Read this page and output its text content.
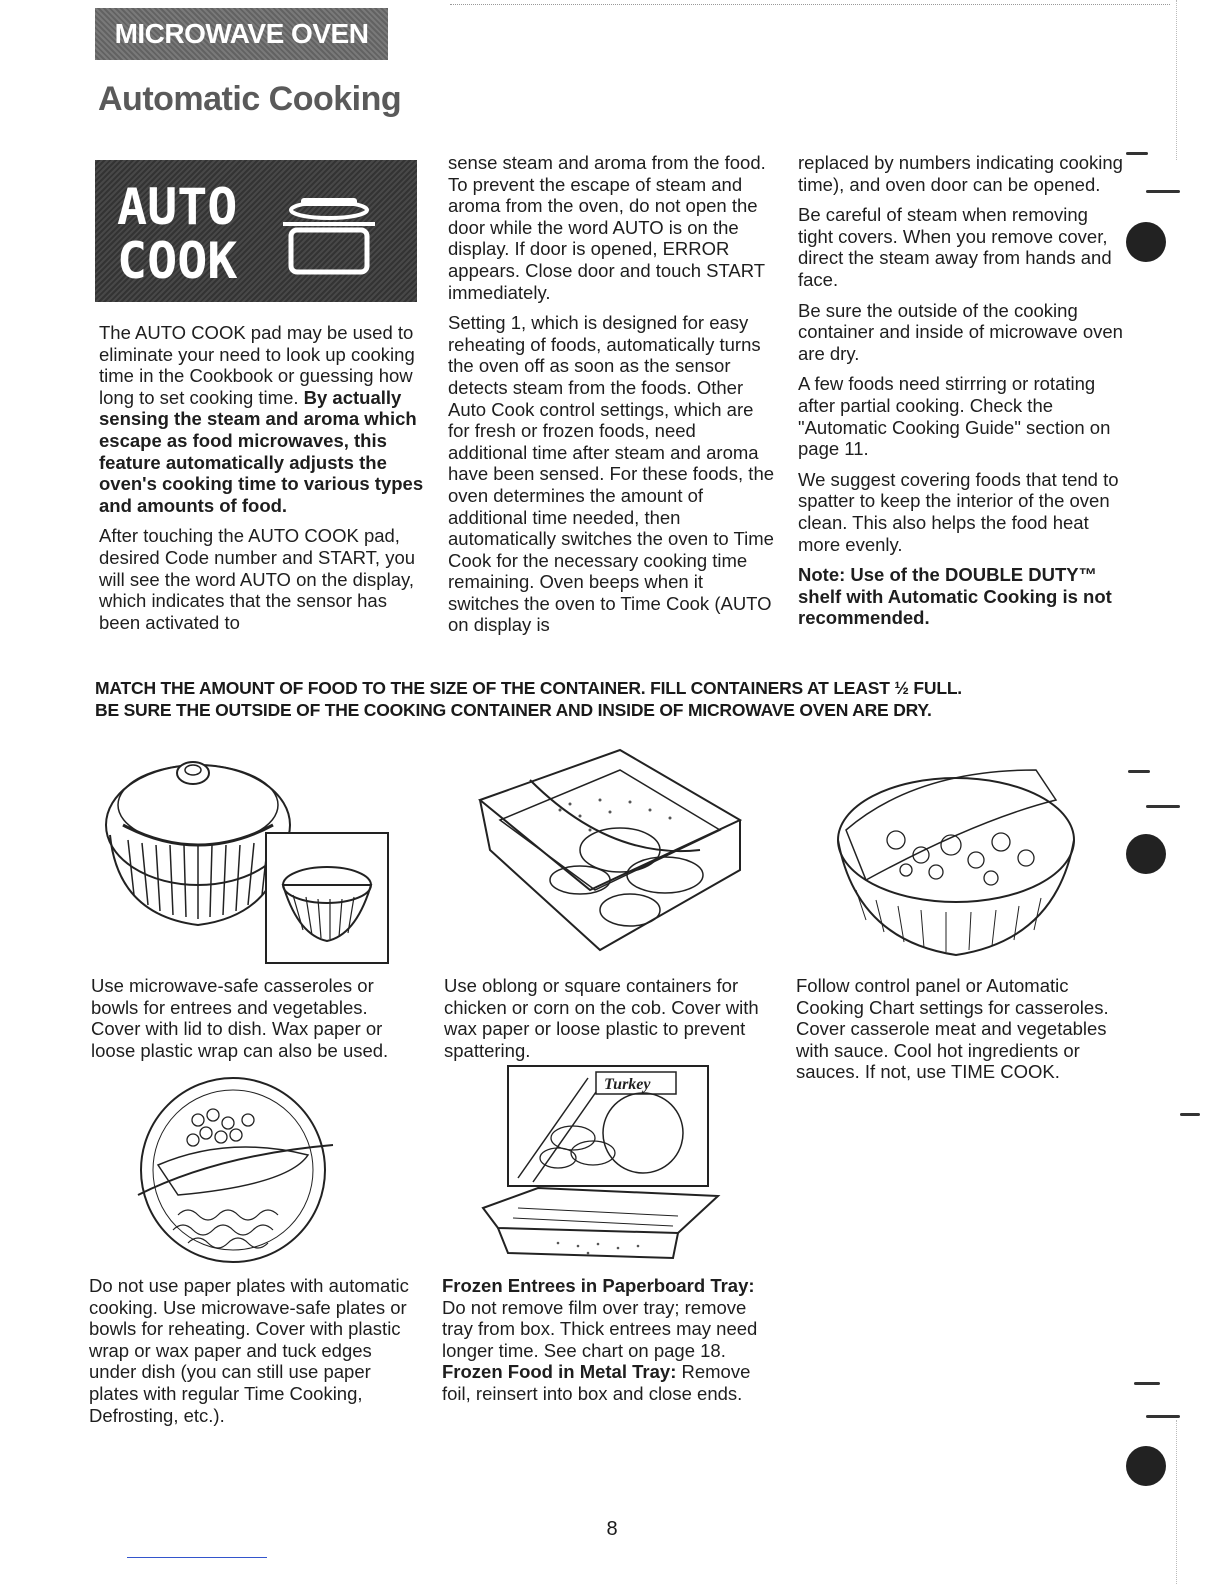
MICROWAVE OVEN
Automatic Cooking
AUTO
COOK

The AUTO COOK pad may be used to eliminate your need to look up cooking time in the Cookbook or guessing how long to set cooking time. By actually sensing the steam and aroma which escape as food microwaves, this feature automatically adjusts the oven's cooking time to various types and amounts of food.

After touching the AUTO COOK pad, desired Code number and START, you will see the word AUTO on the display, which indicates that the sensor has been activated to

sense steam and aroma from the food. To prevent the escape of steam and aroma from the oven, do not open the door while the word AUTO is on the display. If door is opened, ERROR appears. Close door and touch START immediately.

Setting 1, which is designed for easy reheating of foods, automatically turns the oven off as soon as the sensor detects steam from the foods. Other Auto Cook control settings, which are for fresh or frozen foods, need additional time after steam and aroma have been sensed. For these foods, the oven determines the amount of additional time needed, then automatically switches the oven to Time Cook for the necessary cooking time remaining. Oven beeps when it switches the oven to Time Cook (AUTO on display is

replaced by numbers indicating cooking time), and oven door can be opened.

Be careful of steam when removing tight covers. When you remove cover, direct the steam away from hands and face.

Be sure the outside of the cooking container and inside of microwave oven are dry.

A few foods need stirrring or rotating after partial cooking. Check the "Automatic Cooking Guide" section on page 11.

We suggest covering foods that tend to spatter to keep the interior of the oven clean. This also helps the food heat more evenly.

Note: Use of the DOUBLE DUTY™ shelf with Automatic Cooking is not recommended.

MATCH THE AMOUNT OF FOOD TO THE SIZE OF THE CONTAINER. FILL CONTAINERS AT LEAST ½ FULL.
BE SURE THE OUTSIDE OF THE COOKING CONTAINER AND INSIDE OF MICROWAVE OVEN ARE DRY.
Use microwave-safe casseroles or bowls for entrees and vegetables. Cover with lid to dish. Wax paper or loose plastic wrap can also be used.
Use oblong or square containers for chicken or corn on the cob. Cover with wax paper or loose plastic to prevent spattering.
Follow control panel or Automatic Cooking Chart settings for casseroles. Cover casserole meat and vegetables with sauce. Cool hot ingredients or sauces. If not, use TIME COOK.
Turkey
Do not use paper plates with automatic cooking. Use microwave-safe plates or bowls for reheating. Cover with plastic wrap or wax paper and tuck edges under dish (you can still use paper plates with regular Time Cooking, Defrosting, etc.).
Frozen Entrees in Paperboard Tray: Do not remove film over tray; remove tray from box. Thick entrees may need longer time. See chart on page 18. Frozen Food in Metal Tray: Remove foil, reinsert into box and close ends.
8
